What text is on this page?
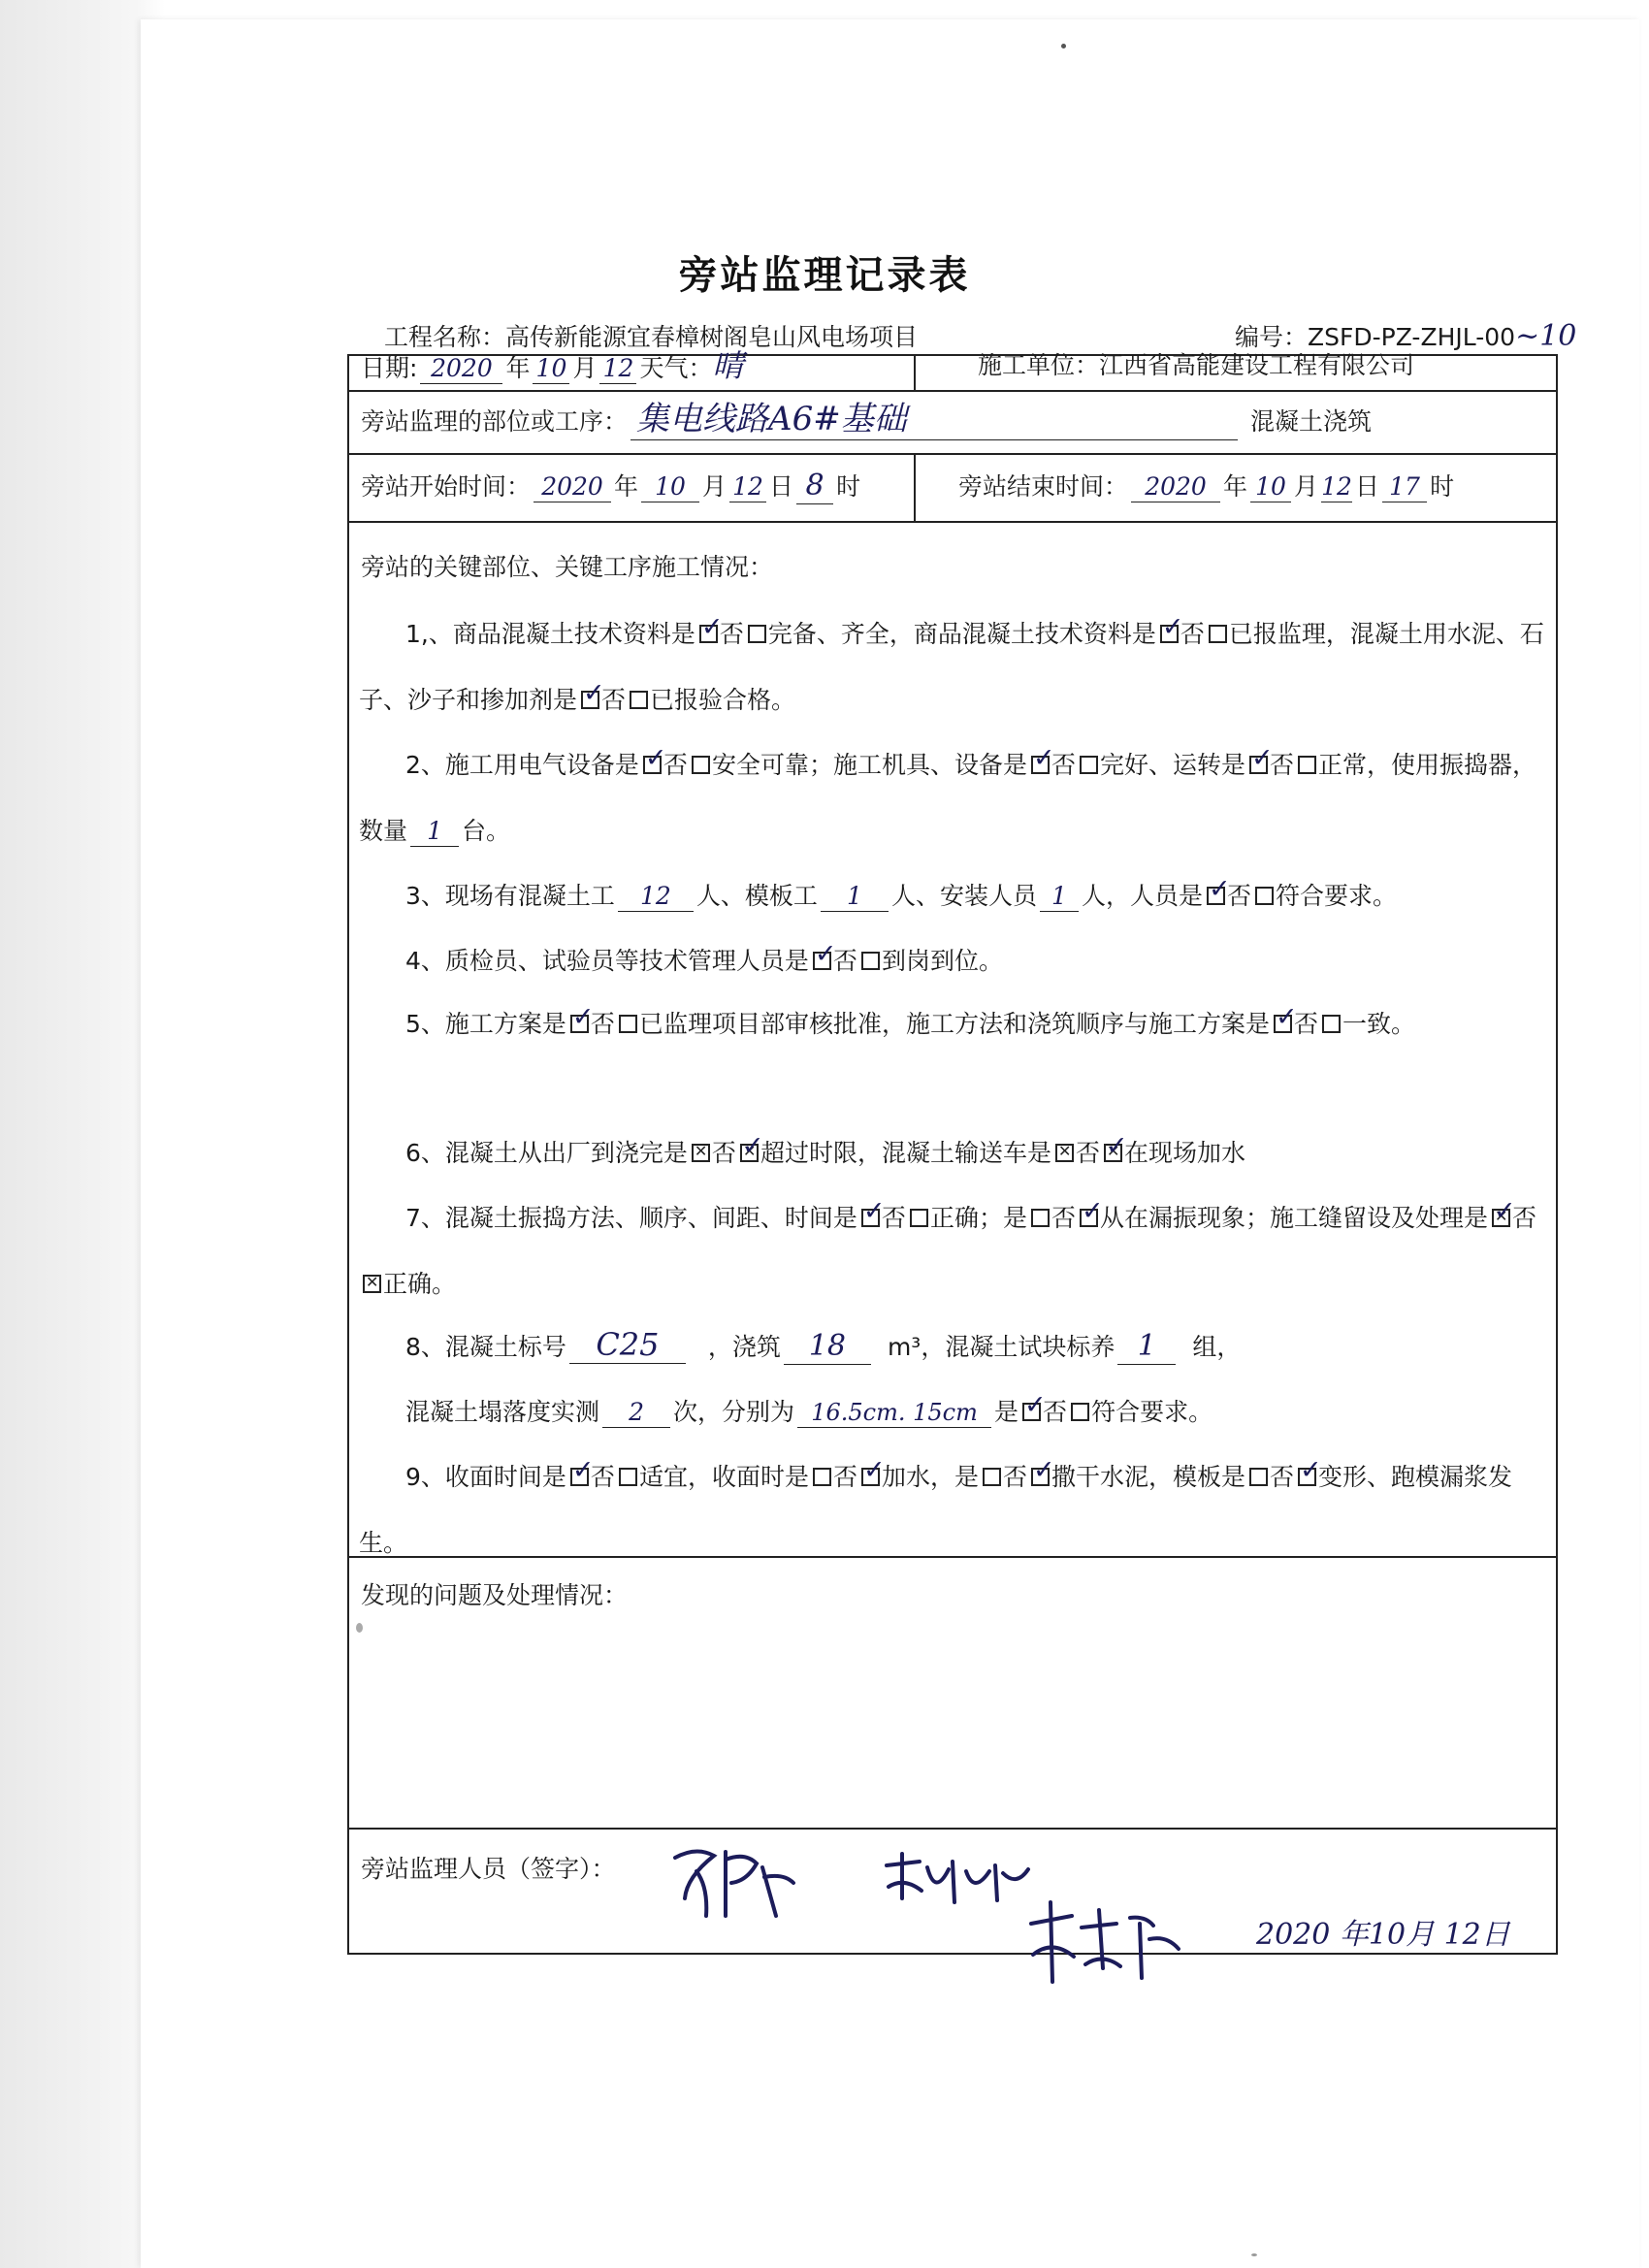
旁站监理记录表
工程名称：高传新能源宜春樟树阁皂山风电场项目	编号：ZSFD-PZ-ZHJL-00~10
日期: 2020 年 10 月 12 天气：晴	施工单位：江西省高能建设工程有限公司
旁站监理的部位或工序： 集电线路A6#基础	混凝土浇筑
旁站开始时间： 2020 年 10 月 12 日 8 时	旁站结束时间： 2020 年 10 月 12 日 17 时
旁站的关键部位、关键工序施工情况：
1,、商品混凝土技术资料是 ✓ 否 完备、齐全，商品混凝土技术资料是 ✓ 否 已报监理，混凝土用水泥、石子、沙子和掺加剂是 ✓ 否 已报验合格。
2、施工用电气设备是 ✓ 否 安全可靠；施工机具、设备是 ✓ 否 完好、运转是 ✓ 否 正常，使用振捣器，数量 1 台。
3、现场有混凝土工 12 人、模板工 1 人、安装人员 1 人，人员是 ✓ 否 符合要求。
4、质检员、试验员等技术管理人员是 ✓ 否 到岗到位。
5、施工方案是 ✓ 否 已监理项目部审核批准，施工方法和浇筑顺序与施工方案是 ✓ 否 一致。
6、混凝土从出厂到浇完是 ✕ 否 ✕ ✓ 超过时限，混凝土输送车是 ✕ 否 ✕ ✓ 在现场加水
7、混凝土振捣方法、顺序、间距、时间是 ✓ 否 正确；是 否 ✓ 从在漏振现象；施工缝留设及处理是 ✕ ✓ 否✕正确。
8、混凝土标号 C25 ，浇筑 18 m³，混凝土试块标养 1 组，
混凝土塌落度实测 2 次，分别为 16.5cm. 15cm 是 ✓ 否 符合要求。
9、收面时间是 ✓ 否 适宜，收面时是 否 ✓ 加水，是 否 ✓ 撒干水泥，模板是 否 ✓ 变形、跑模漏浆发生。
发现的问题及处理情况：
旁站监理人员（签字）：
2020 年10月 12日
